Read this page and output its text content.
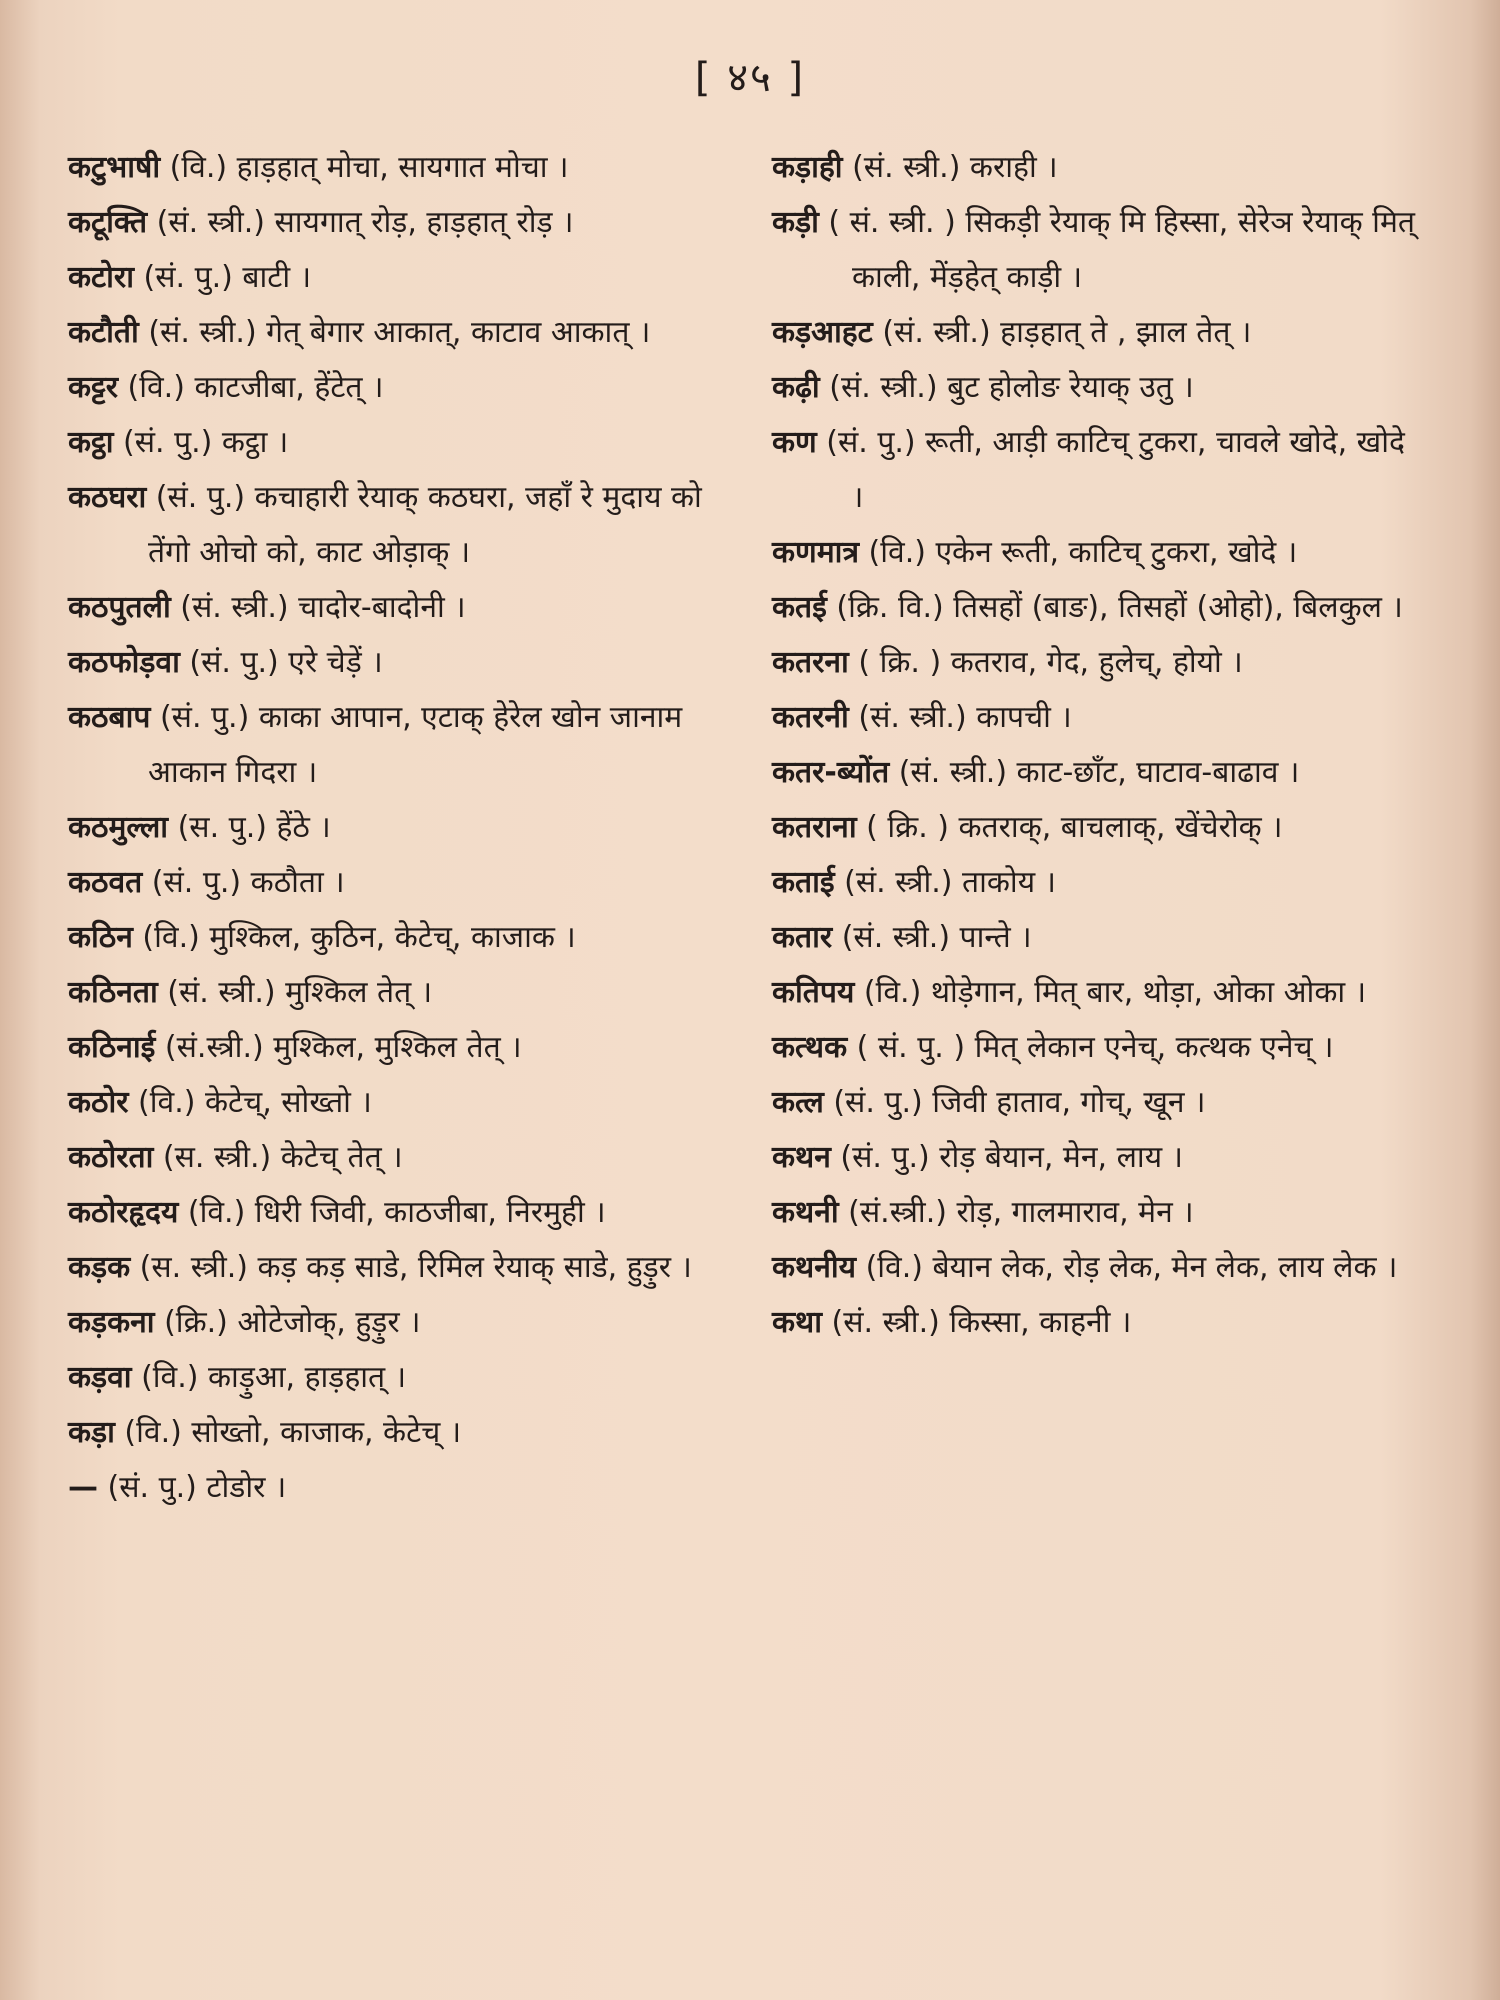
[ ४५ ]

कटुभाषी (वि.) हाड़हात् मोचा, सायगात मोचा ।

कटूक्ति (सं. स्त्री.) सायगात् रोड़, हाड़हात् रोड़ ।

कटोरा (सं. पु.) बाटी ।

कटौती (सं. स्त्री.) गेत् बेगार आकात्, काटाव आकात् ।

कट्टर (वि.) काटजीबा, हेंटेत् ।

कट्ठा (सं. पु.) कट्ठा ।

कठघरा (सं. पु.) कचाहारी रेयाक् कठघरा, जहाँ रे मुदाय को तेंगो ओचो को, काट ओड़ाक् ।

कठपुतली (सं. स्त्री.) चादोर-बादोनी ।

कठफोड़वा (सं. पु.) एरे चेड़ें ।

कठबाप (सं. पु.) काका आपान, एटाक् हेरेल खोन जानाम आकान गिदरा ।

कठमुल्ला (स. पु.) हेंठे ।

कठवत (सं. पु.) कठौता ।

कठिन (वि.) मुश्किल, कुठिन, केटेच्, काजाक ।

कठिनता (सं. स्त्री.) मुश्किल तेत् ।

कठिनाई (सं.स्त्री.) मुश्किल, मुश्किल तेत् ।

कठोर (वि.) केटेच्, सोख्तो ।

कठोरता (स. स्त्री.) केटेच् तेत् ।

कठोरहृदय (वि.) धिरी जिवी, काठजीबा, निरमुही ।

कड़क (स. स्त्री.) कड़ कड़ साडे, रिमिल रेयाक् साडे, हुड़ुर ।

कड़कना (क्रि.) ओटेजोक्, हुड़ुर ।

कड़वा (वि.) काड़ुआ, हाड़हात् ।

कड़ा (वि.) सोख्तो, काजाक, केटेच् ।

— (सं. पु.) टोडोर ।

कड़ाही (सं. स्त्री.) कराही ।

कड़ी ( सं. स्त्री. ) सिकड़ी रेयाक् मि हिस्सा, सेरेञ रेयाक् मित् काली, मेंड़हेत् काड़ी ।

कड़आहट (सं. स्त्री.) हाड़हात् ते , झाल तेत् ।

कढ़ी (सं. स्त्री.) बुट होलोङ रेयाक् उतु ।

कण (सं. पु.) रूती, आड़ी काटिच् टुकरा, चावले खोदे, खोदे ।

कणमात्र (वि.) एकेन रूती, काटिच् टुकरा, खोदे ।

कतई (क्रि. वि.) तिसहों (बाङ), तिसहों (ओहो), बिलकुल ।

कतरना ( क्रि. ) कतराव, गेद, हुलेच्, होयो ।

कतरनी (सं. स्त्री.) कापची ।

कतर-ब्योंत (सं. स्त्री.) काट-छाँट, घाटाव-बाढाव ।

कतराना ( क्रि. ) कतराक्, बाचलाक्, खेंचेरोक् ।

कताई (सं. स्त्री.) ताकोय ।

कतार (सं. स्त्री.) पान्ते ।

कतिपय (वि.) थोड़ेगान, मित् बार, थोड़ा, ओका ओका ।

कत्थक ( सं. पु. ) मित् लेकान एनेच्, कत्थक एनेच् ।

कत्ल (सं. पु.) जिवी हाताव, गोच्, खून ।

कथन (सं. पु.) रोड़ बेयान, मेन, लाय ।

कथनी (सं.स्त्री.) रोड़, गालमाराव, मेन ।

कथनीय (वि.) बेयान लेक, रोड़ लेक, मेन लेक, लाय लेक ।

कथा (सं. स्त्री.) किस्सा, काहनी ।
